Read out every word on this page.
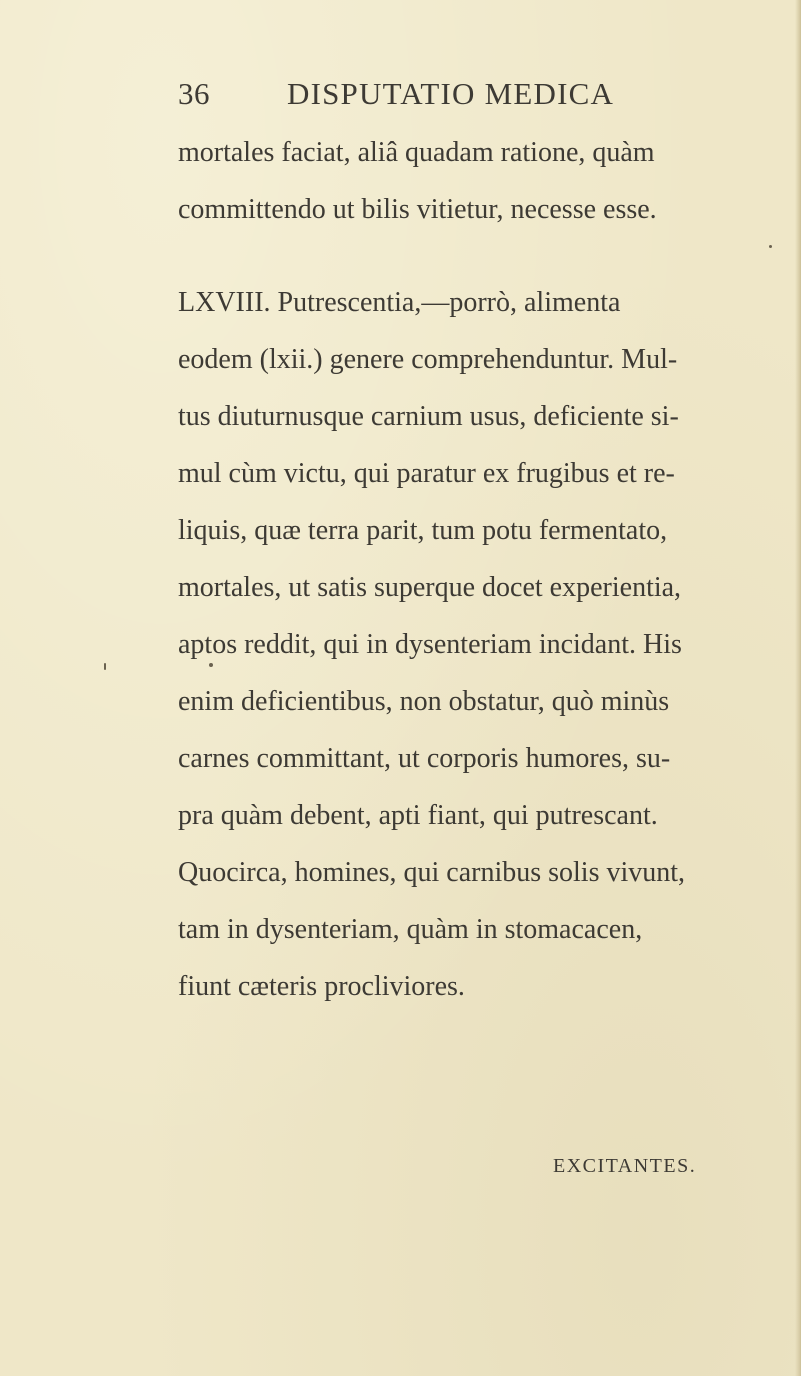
36 DISPUTATIO MEDICA
mortales faciat, aliâ quadam ratione, quàm
committendo ut bilis vitietur, necesse esse.
LXVIII. Putrescentia,—porrò, alimenta
eodem (lxii.) genere comprehenduntur. Mul-
tus diuturnusque carnium usus, deficiente si-
mul cùm victu, qui paratur ex frugibus et re-
liquis, quæ terra parit, tum potu fermentato,
mortales, ut satis superque docet experientia,
aptos reddit, qui in dysenteriam incidant. His
enim deficientibus, non obstatur, quò minùs
carnes committant, ut corporis humores, su-
pra quàm debent, apti fiant, qui putrescant.
Quocirca, homines, qui carnibus solis vivunt,
tam in dysenteriam, quàm in stomacacen,
fiunt cæteris procliviores.
EXCITANTES.
